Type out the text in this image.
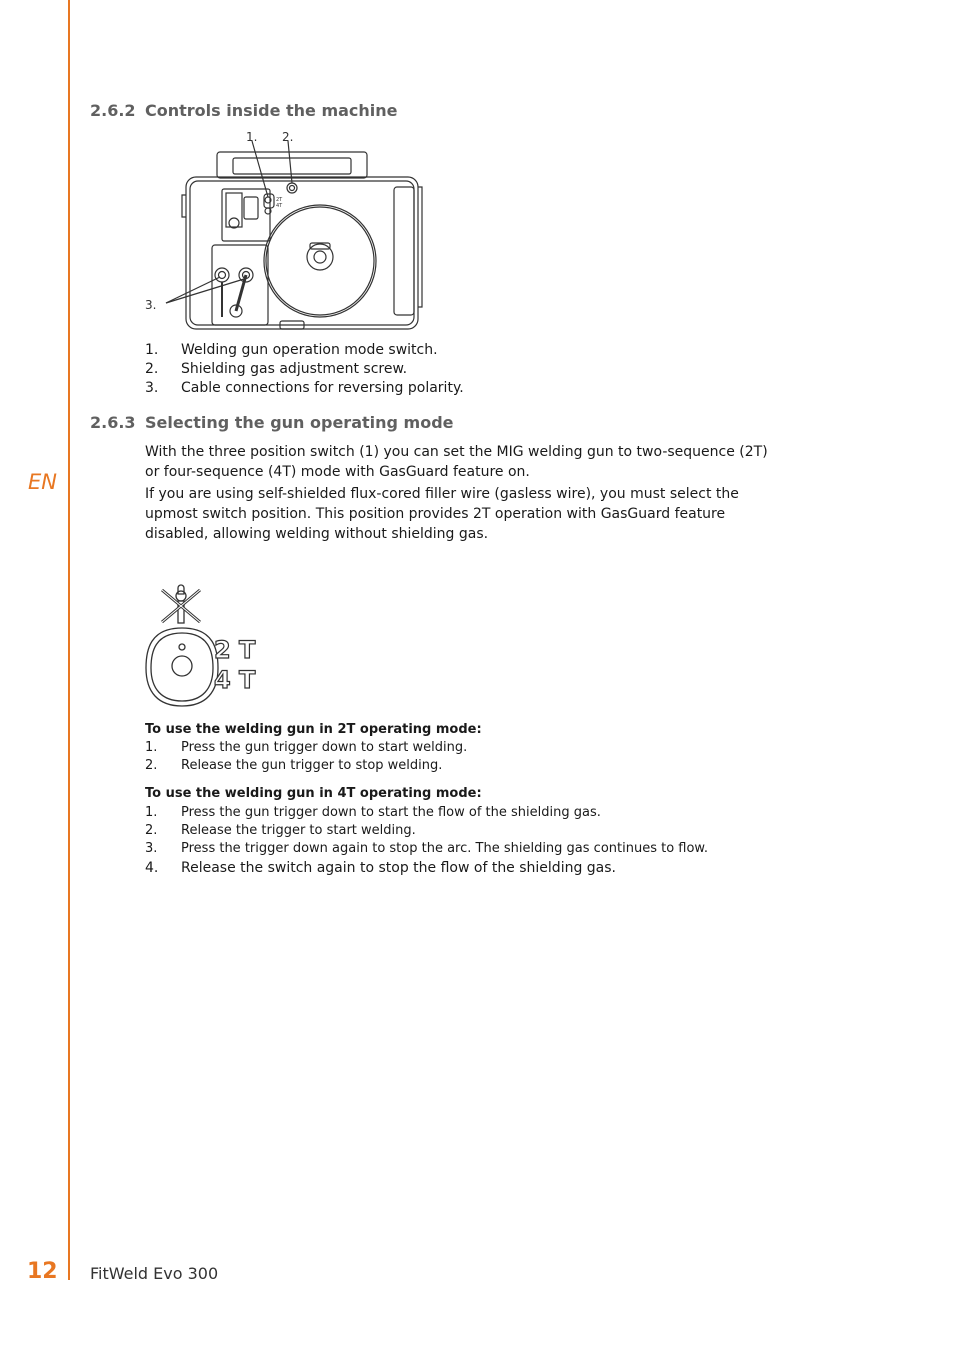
EN
2.6.2 Controls inside the machine
1. 2.
3.
2T
4T
1. Welding gun operation mode switch.
2. Shielding gas adjustment screw.
3. Cable connections for reversing polarity.
2.6.3 Selecting the gun operating mode

With the three position switch (1) you can set the MIG welding gun to two-sequence (2T) or four-sequence (4T) mode with GasGuard feature on.

If you are using self-shielded flux-cored filler wire (gasless wire), you must select the upmost switch position. This position provides 2T operation with GasGuard feature disabled, allowing welding without shielding gas.

2 T
4 T

To use the welding gun in 2T operating mode:

1. Press the gun trigger down to start welding.
2. Release the gun trigger to stop welding.

To use the welding gun in 4T operating mode:

1. Press the gun trigger down to start the flow of the shielding gas.
2. Release the trigger to start welding.
3. Press the trigger down again to stop the arc. The shielding gas continues to flow.
4. Release the switch again to stop the flow of the shielding gas.
12 FitWeld Evo 300
